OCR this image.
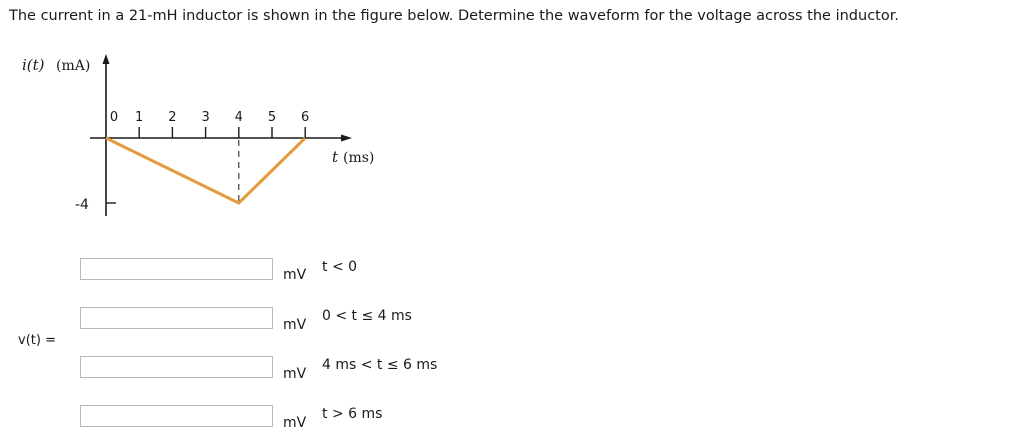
The current in a 21-mH inductor is shown in the figure below. Determine the waveform for the voltage across the inductor.
i(t) (mA)
0 1 2 3 4 5 6
-4
t (ms)
v(t) =
mV t < 0
mV
0 < t ≤ 4 ms
mV
4 ms < t ≤ 6 ms
mV
t > 6 ms
